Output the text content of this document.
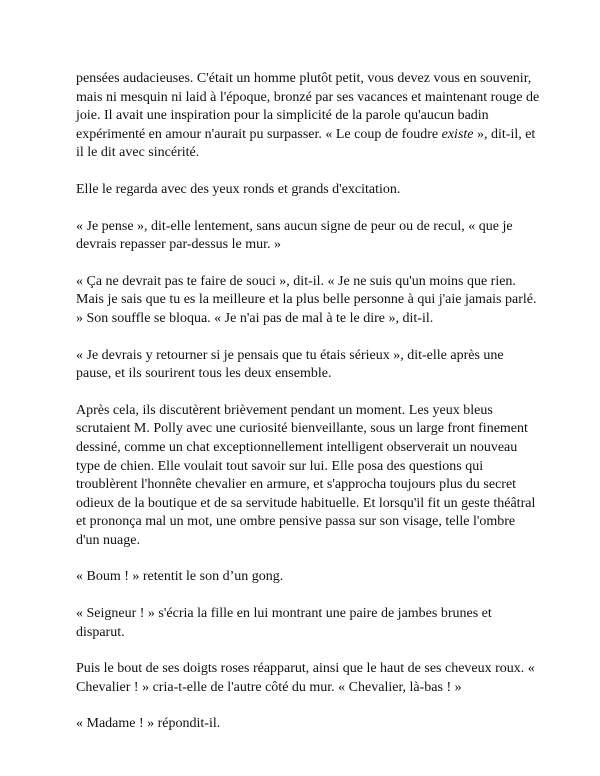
pensées audacieuses. C'était un homme plutôt petit, vous devez vous en souvenir, mais ni mesquin ni laid à l'époque, bronzé par ses vacances et maintenant rouge de joie. Il avait une inspiration pour la simplicité de la parole qu'aucun badin expérimenté en amour n'aurait pu surpasser. « Le coup de foudre existe », dit-il, et il le dit avec sincérité.

Elle le regarda avec des yeux ronds et grands d'excitation.

« Je pense », dit-elle lentement, sans aucun signe de peur ou de recul, « que je devrais repasser par-dessus le mur. »

« Ça ne devrait pas te faire de souci », dit-il. « Je ne suis qu'un moins que rien. Mais je sais que tu es la meilleure et la plus belle personne à qui j'aie jamais parlé. » Son souffle se bloqua. « Je n'ai pas de mal à te le dire », dit-il.

« Je devrais y retourner si je pensais que tu étais sérieux », dit-elle après une pause, et ils sourirent tous les deux ensemble.

Après cela, ils discutèrent brièvement pendant un moment. Les yeux bleus scrutaient M. Polly avec une curiosité bienveillante, sous un large front finement dessiné, comme un chat exceptionnellement intelligent observerait un nouveau type de chien. Elle voulait tout savoir sur lui. Elle posa des questions qui troublèrent l'honnête chevalier en armure, et s'approcha toujours plus du secret odieux de la boutique et de sa servitude habituelle. Et lorsqu'il fit un geste théâtral et prononça mal un mot, une ombre pensive passa sur son visage, telle l'ombre d'un nuage.

« Boum ! » retentit le son d’un gong.

« Seigneur ! » s'écria la fille en lui montrant une paire de jambes brunes et disparut.

Puis le bout de ses doigts roses réapparut, ainsi que le haut de ses cheveux roux. « Chevalier ! » cria-t-elle de l'autre côté du mur. « Chevalier, là-bas ! »

« Madame ! » répondit-il.
